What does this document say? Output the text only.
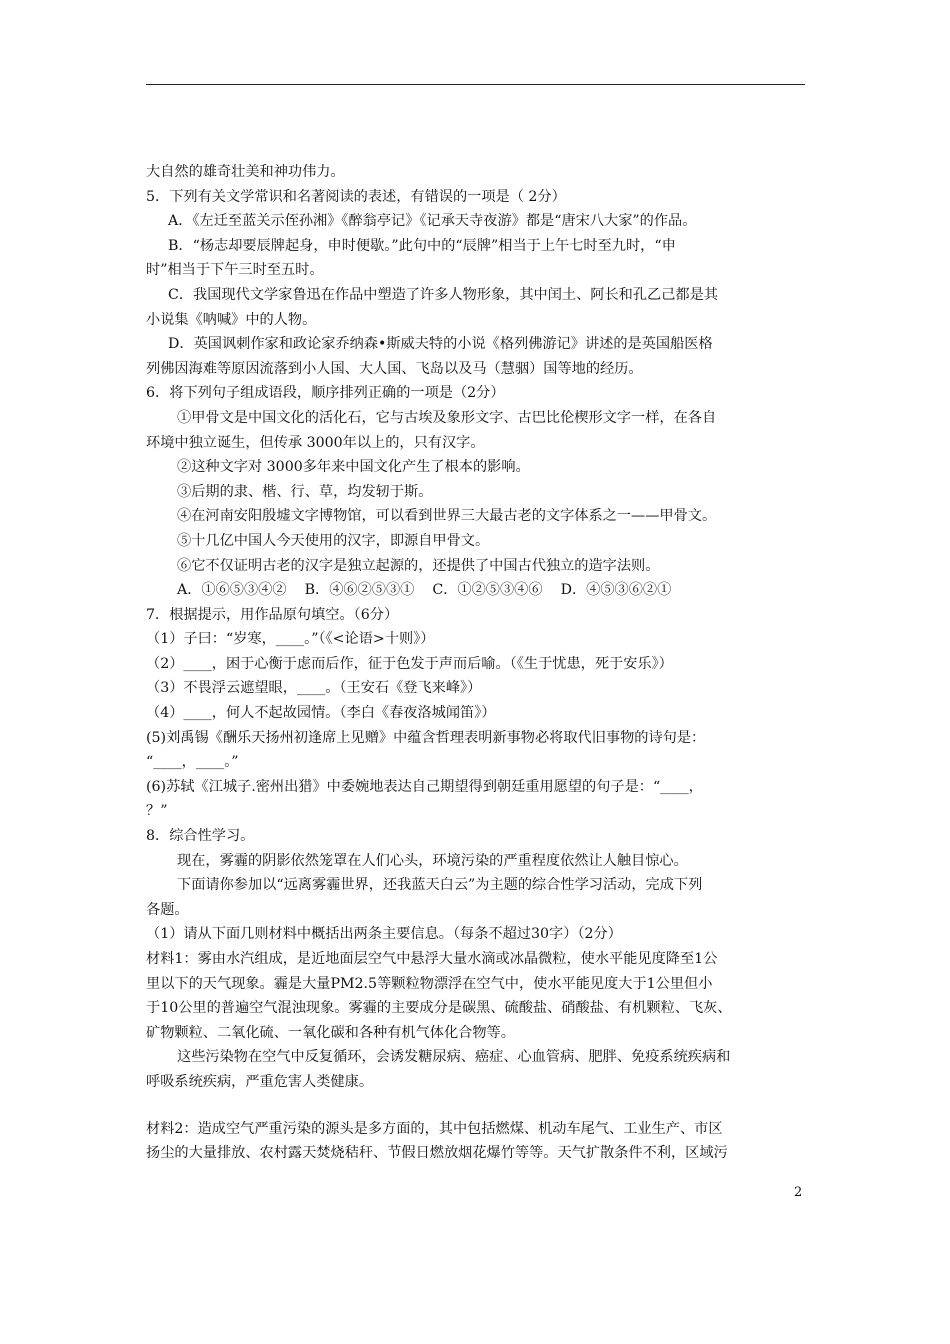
大自然的雄奇壮美和神功伟力。
5．下列有关文学常识和名著阅读的表述，有错误的一项是（ 2分）
A．《左迁至蓝关示侄孙湘》《醉翁亭记》《记承天寺夜游》都是“唐宋八大家”的作品。
B．“杨志却要辰牌起身，申时便歇。”此句中的“辰牌”相当于上午七时至九时，“申
时”相当于下午三时至五时。
C．我国现代文学家鲁迅在作品中塑造了许多人物形象，其中闰土、阿长和孔乙己都是其
小说集《呐喊》中的人物。
D．英国讽刺作家和政论家乔纳森•斯威夫特的小说《格列佛游记》讲述的是英国船医格
列佛因海难等原因流落到小人国、大人国、飞岛以及马（慧骃）国等地的经历。
6．将下列句子组成语段，顺序排列正确的一项是（2分）
①甲骨文是中国文化的活化石，它与古埃及象形文字、古巴比伦楔形文字一样，在各自
环境中独立诞生，但传承 3000年以上的，只有汉字。
②这种文字对 3000多年来中国文化产生了根本的影响。
③后期的隶、楷、行、草，均发轫于斯。
④在河南安阳殷墟文字博物馆，可以看到世界三大最古老的文字体系之一——甲骨文。
⑤十几亿中国人今天使用的汉字，即源自甲骨文。
⑥它不仅证明古老的汉字是独立起源的，还提供了中国古代独立的造字法则。
A．①⑥⑤③④②    B．④⑥②⑤③①    C．①②⑤③④⑥    D．④⑤③⑥②①
7．根据提示，用作品原句填空。（6分）
（1）子曰：“岁寒，____。”（《<论语>十则》）
（2）____，困于心衡于虑而后作，征于色发于声而后喻。（《生于忧患，死于安乐》）
（3）不畏浮云遮望眼，____。（王安石《登飞来峰》）
（4）____，何人不起故园情。（李白《春夜洛城闻笛》）
(5)刘禹锡《酬乐天扬州初逢席上见赠》中蕴含哲理表明新事物必将取代旧事物的诗句是：
“____，____。”
(6)苏轼《江城子.密州出猎》中委婉地表达自己期望得到朝廷重用愿望的句子是：“____，
？”
8．综合性学习。
现在，雾霾的阴影依然笼罩在人们心头，环境污染的严重程度依然让人触目惊心。
下面请你参加以“远离雾霾世界，还我蓝天白云”为主题的综合性学习活动，完成下列
各题。
（1）请从下面几则材料中概括出两条主要信息。（每条不超过30字）（2分）
材料1：雾由水汽组成，是近地面层空气中悬浮大量水滴或冰晶微粒，使水平能见度降至1公
里以下的天气现象。霾是大量PM2.5等颗粒物漂浮在空气中，使水平能见度大于1公里但小
于10公里的普遍空气混浊现象。雾霾的主要成分是碳黑、硫酸盐、硝酸盐、有机颗粒、飞灰、
矿物颗粒、二氧化硫、一氧化碳和各种有机气体化合物等。
这些污染物在空气中反复循环，会诱发糖尿病、癌症、心血管病、肥胖、免疫系统疾病和
呼吸系统疾病，严重危害人类健康。
材料2：造成空气严重污染的源头是多方面的，其中包括燃煤、机动车尾气、工业生产、市区
扬尘的大量排放、农村露天焚烧秸秆、节假日燃放烟花爆竹等等。天气扩散条件不利，区域污
2
